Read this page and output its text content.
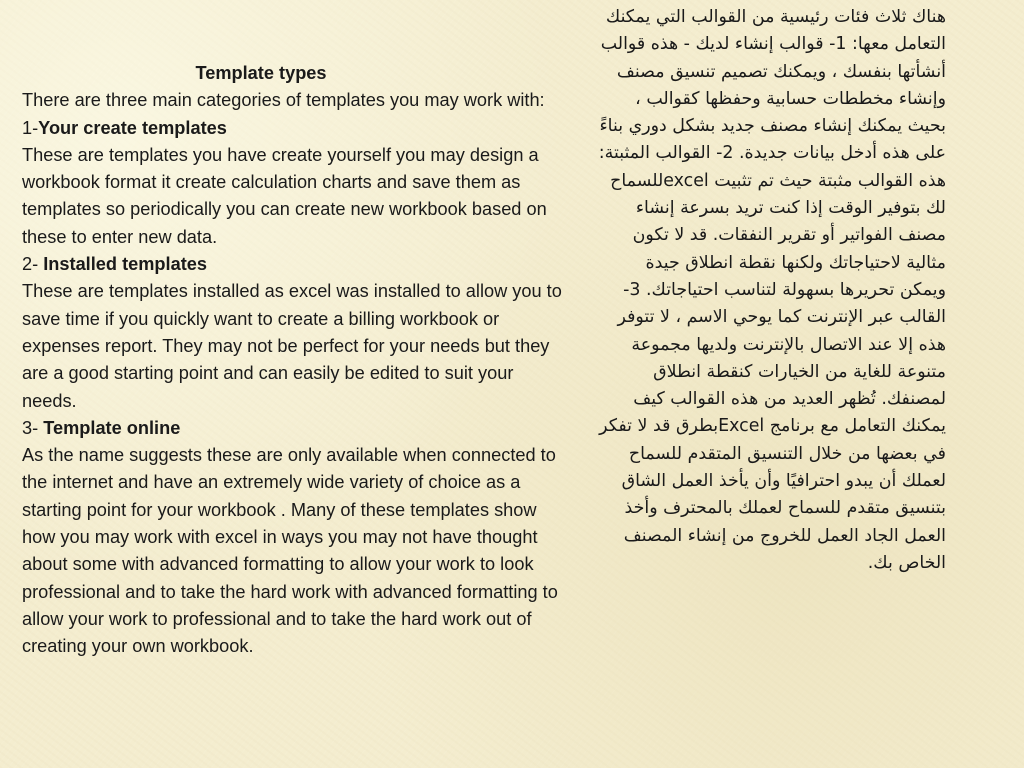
Template types

There are three main categories of templates you may work with:

1-Your create templates

These are templates you have create yourself you may design a workbook format it create calculation charts and save them as templates so periodically you can create new workbook based on these to enter new data.

2- Installed templates

These are templates installed as excel was installed to allow you to save time if you quickly want to create a billing workbook or expenses report. They may not be perfect for your needs but they are a good starting point and can easily be edited to suit your needs.

3- Template online

As the name suggests these are only available when connected to the internet and have an extremely wide variety of choice as a starting point for your workbook . Many of these templates show how you may work with excel in ways you may not have thought about some with advanced formatting to allow your work to look professional and to take the hard work with advanced formatting to allow your work to professional and to take the hard work out of creating your own workbook.

هناك ثلاث فئات رئيسية من القوالب التي يمكنك التعامل معها: 1- قوالب إنشاء لديك - هذه قوالب أنشأتها بنفسك ، ويمكنك تصميم تنسيق مصنف وإنشاء مخططات حسابية وحفظها كقوالب ، بحيث يمكنك إنشاء مصنف جديد بشكل دوري بناءً على هذه أدخل بيانات جديدة. 2- القوالب المثبتة: هذه القوالب مثبتة حيث تم تثبيت excelللسماح لك بتوفير الوقت إذا كنت تريد بسرعة إنشاء مصنف الفواتير أو تقرير النفقات. قد لا تكون مثالية لاحتياجاتك ولكنها نقطة انطلاق جيدة ويمكن تحريرها بسهولة لتناسب احتياجاتك. 3- القالب عبر الإنترنت كما يوحي الاسم ، لا تتوفر هذه إلا عند الاتصال بالإنترنت ولديها مجموعة متنوعة للغاية من الخيارات كنقطة انطلاق لمصنفك. تُظهر العديد من هذه القوالب كيف يمكنك التعامل مع برنامج Excelبطرق قد لا تفكر في بعضها من خلال التنسيق المتقدم للسماح لعملك أن يبدو احترافيًا وأن يأخذ العمل الشاق بتنسيق متقدم للسماح لعملك بالمحترف وأخذ العمل الجاد العمل للخروج من إنشاء المصنف الخاص بك.
